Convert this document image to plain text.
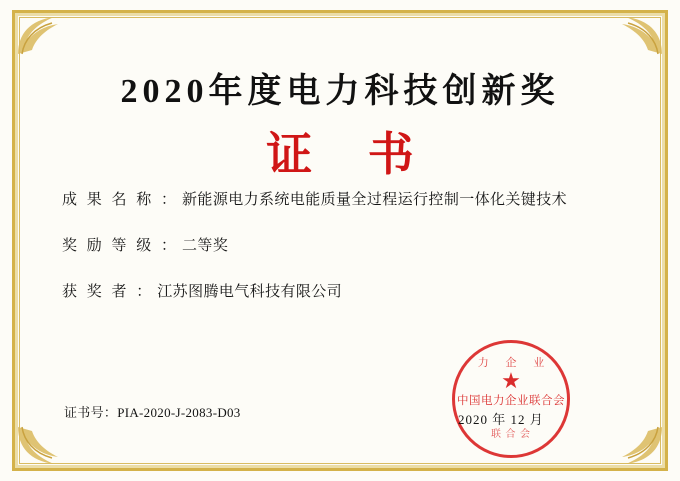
2020年度电力科技创新奖
证 书
成 果 名 称 ： 新能源电力系统电能质量全过程运行控制一体化关键技术
奖 励 等 级 ： 二等奖
获 奖 者 ： 江苏图腾电气科技有限公司
证书号：PIA-2020-J-2083-D03
力 企 业
★
中国电力企业联合会
联 合 会
2020 年 12 月
